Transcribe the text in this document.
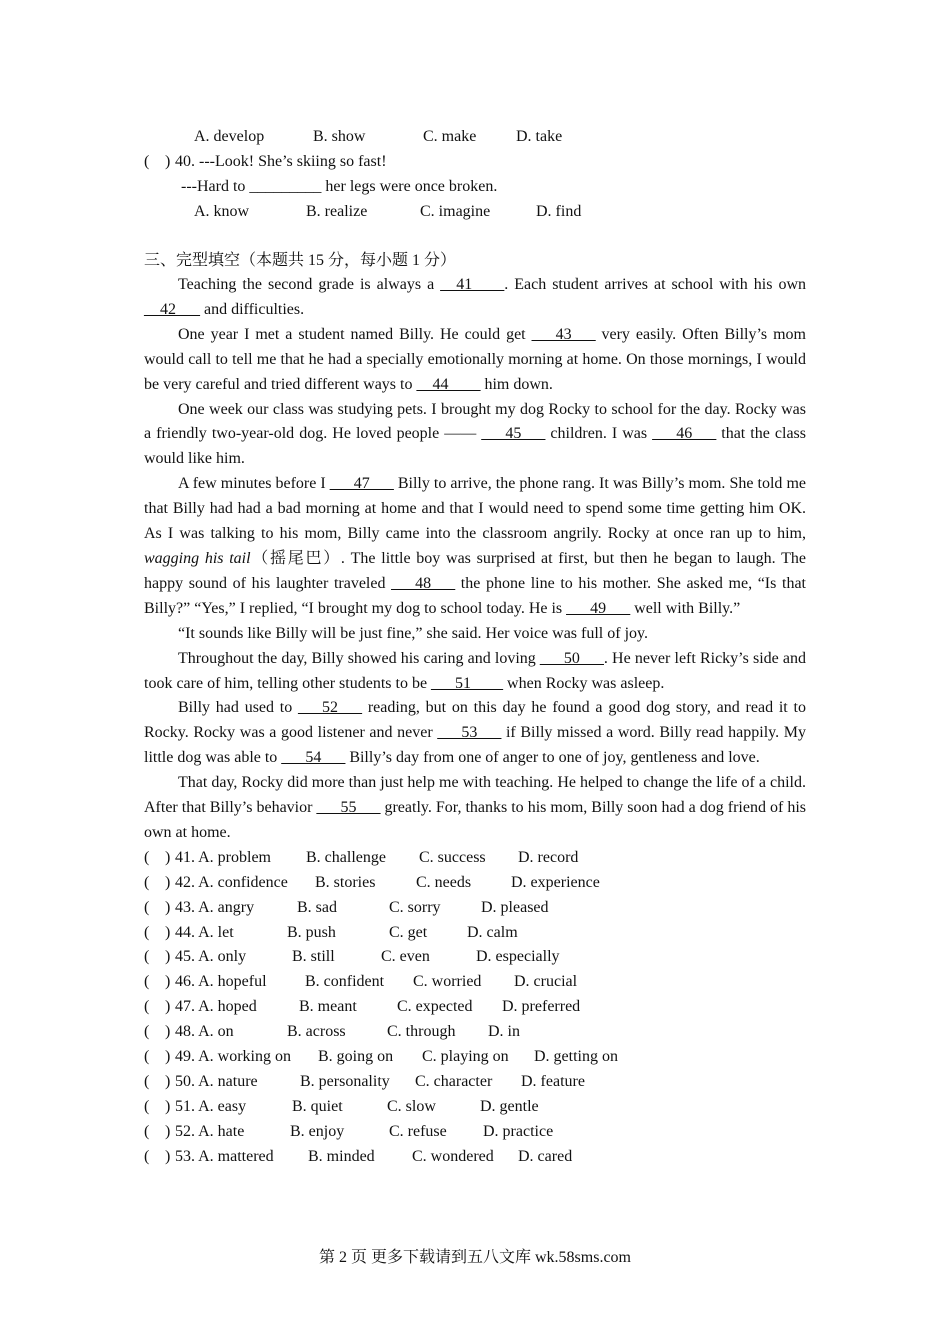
A. develop	B. show	C. make D. take
( ) 40. ---Look! She’s skiing so fast!
---Hard to _________ her legs were once broken.
A. know	B. realize	C. imagine	D. find
三、完型填空（本题共 15 分，每小题 1 分）

Teaching the second grade is always a __41____. Each student arrives at school with his own __42___ and difficulties.

One year I met a student named Billy. He could get ___43___ very easily. Often Billy’s mom would call to tell me that he had a specially emotionally morning at home. On those mornings, I would be very careful and tried different ways to __44____ him down.

One week our class was studying pets. I brought my dog Rocky to school for the day. Rocky was a friendly two-year-old dog. He loved people —— ___45___ children. I was ___46___ that the class would like him.

A few minutes before I ___47___ Billy to arrive, the phone rang. It was Billy’s mom. She told me that Billy had had a bad morning at home and that I would need to spend some time getting him OK. As I was talking to his mom, Billy came into the classroom angrily. Rocky at once ran up to him, wagging his tail（摇尾巴）. The little boy was surprised at first, but then he began to laugh. The happy sound of his laughter traveled ___48___ the phone line to his mother. She asked me, “Is that Billy?” “Yes,” I replied, “I brought my dog to school today. He is ___49___ well with Billy.”

“It sounds like Billy will be just fine,” she said. Her voice was full of joy.

Throughout the day, Billy showed his caring and loving ___50___. He never left Ricky’s side and took care of him, telling other students to be ___51____ when Rocky was asleep.

Billy had used to ___52___ reading, but on this day he found a good dog story, and read it to Rocky. Rocky was a good listener and never ___53___ if Billy missed a word. Billy read happily. My little dog was able to ___54___ Billy’s day from one of anger to one of joy, gentleness and love.

That day, Rocky did more than just help me with teaching. He helped to change the life of a child. After that Billy’s behavior ___55___ greatly. For, thanks to his mom, Billy soon had a dog friend of his own at home.

( ) 41. A. problem B. challenge C. success D. record
( ) 42. A. confidence B. stories	C. needs D. experience
( ) 43. A. angry	B. sad	C. sorry	D. pleased
( ) 44. A. let	B. push	C. get D. calm
( ) 45. A. only	B. still	C. even	D. especially
( ) 46. A. hopeful B. confident C. worried D. crucial
( ) 47. A. hoped	B. meant	C. expected D. preferred
( ) 48. A. on	B. across	C. through D. in
( ) 49. A. working on B. going on C. playing on D. getting on
( ) 50. A. nature	B. personality C. character D. feature
( ) 51. A. easy	B. quiet	C. slow	D. gentle
( ) 52. A. hate	B. enjoy	C. refuse D. practice
( ) 53. A. mattered B. minded C. wondered D. cared
第 2 页 更多下载请到五八文库 wk.58sms.com
